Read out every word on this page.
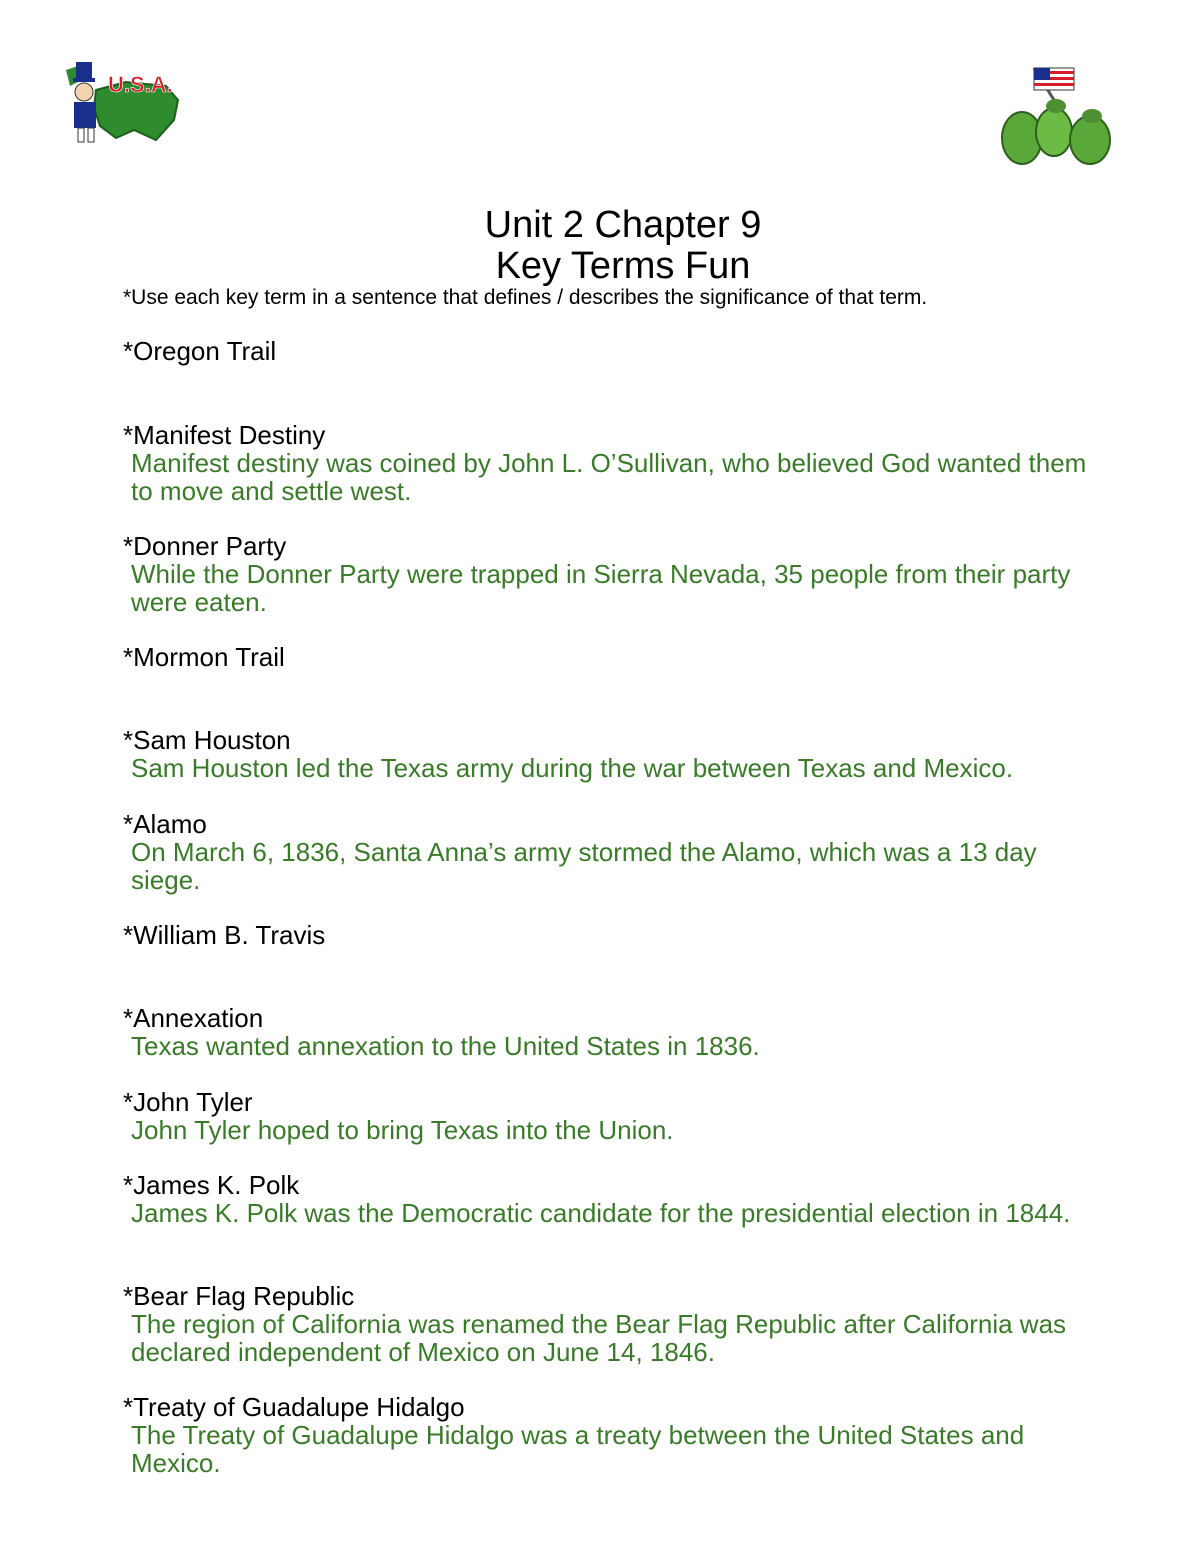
U.S.A.
Unit 2 Chapter 9
Key Terms Fun
*Use each key term in a sentence that defines / describes the significance of that term.
*Oregon Trail
*Manifest Destiny
Manifest destiny was coined by John L. O’Sullivan, who believed God wanted them to move and settle west.
*Donner Party
While the Donner Party were trapped in Sierra Nevada, 35 people from their party were eaten.
*Mormon Trail
*Sam Houston
Sam Houston led the Texas army during the war between Texas and Mexico.
*Alamo
On March 6, 1836, Santa Anna’s army stormed the Alamo, which was a 13 day siege.
*William B. Travis
*Annexation
Texas wanted annexation to the United States in 1836.
*John Tyler
John Tyler hoped to bring Texas into the Union.
*James K. Polk
James K. Polk was the Democratic candidate for the presidential election in 1844.
*Bear Flag Republic
The region of California was renamed the Bear Flag Republic after California was declared independent of Mexico on June 14, 1846.
*Treaty of Guadalupe Hidalgo
The Treaty of Guadalupe Hidalgo was a treaty between the United States and Mexico.
